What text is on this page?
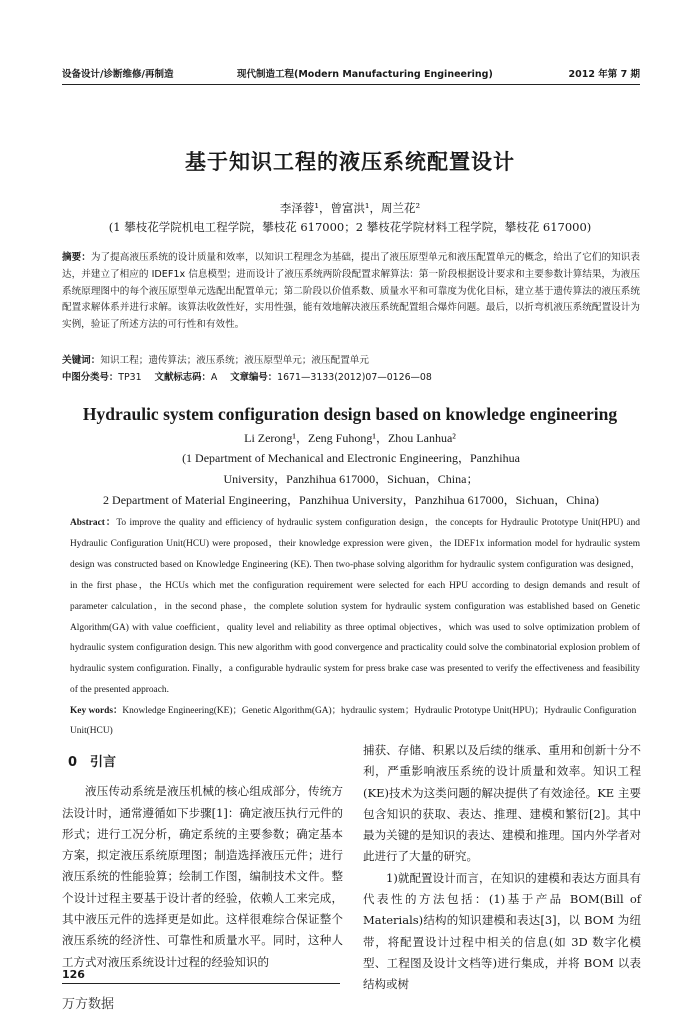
设备设计/诊断维修/再制造	现代制造工程(Modern Manufacturing Engineering)	2012 年第 7 期
基于知识工程的液压系统配置设计
李泽蓉¹，曾富洪¹，周兰花²
(1 攀枝花学院机电工程学院，攀枝花 617000；2 攀枝花学院材料工程学院，攀枝花 617000)
摘要：为了提高液压系统的设计质量和效率，以知识工程理念为基础，提出了液压原型单元和液压配置单元的概念，给出了它们的知识表达，并建立了相应的 IDEF1x 信息模型；进而设计了液压系统两阶段配置求解算法：第一阶段根据设计要求和主要参数计算结果，为液压系统原理图中的每个液压原型单元选配出配置单元；第二阶段以价值系数、质量水平和可靠度为优化目标，建立基于遗传算法的液压系统配置求解体系并进行求解。该算法收敛性好，实用性强，能有效地解决液压系统配置组合爆炸问题。最后，以折弯机液压系统配置设计为实例，验证了所述方法的可行性和有效性。
关键词：知识工程；遗传算法；液压系统；液压原型单元；液压配置单元
中图分类号：TP31 文献标志码：A 文章编号：1671—3133(2012)07—0126—08
Hydraulic system configuration design based on knowledge engineering
Li Zerong¹，Zeng Fuhong¹，Zhou Lanhua²
(1 Department of Mechanical and Electronic Engineering，Panzhihua
University，Panzhihua 617000，Sichuan，China；
2 Department of Material Engineering，Panzhihua University，Panzhihua 617000，Sichuan，China)
Abstract：To improve the quality and efficiency of hydraulic system configuration design，the concepts for Hydraulic Prototype Unit(HPU) and Hydraulic Configuration Unit(HCU) were proposed，their knowledge expression were given，the IDEF1x information model for hydraulic system design was constructed based on Knowledge Engineering (KE). Then two-phase solving algorithm for hydraulic system configuration was designed，in the first phase，the HCUs which met the configuration requirement were selected for each HPU according to design demands and result of parameter calculation，in the second phase，the complete solution system for hydraulic system configuration was established based on Genetic Algorithm(GA) with value coefficient，quality level and reliability as three optimal objectives，which was used to solve optimization problem of hydraulic system configuration design. This new algorithm with good convergence and practicality could solve the combinatorial explosion problem of hydraulic system configuration. Finally，a configurable hydraulic system for press brake case was presented to verify the effectiveness and feasibility of the presented approach.
Key words：Knowledge Engineering(KE)；Genetic Algorithm(GA)；hydraulic system；Hydraulic Prototype Unit(HPU)；Hydraulic Configuration Unit(HCU)
0　引言

液压传动系统是液压机械的核心组成部分，传统方法设计时，通常遵循如下步骤[1]：确定液压执行元件的形式；进行工况分析，确定系统的主要参数；确定基本方案，拟定液压系统原理图；制造选择液压元件；进行液压系统的性能验算；绘制工作图，编制技术文件。整个设计过程主要基于设计者的经验，依赖人工来完成，其中液压元件的选择更是如此。这样很难综合保证整个液压系统的经济性、可靠性和质量水平。同时，这种人工方式对液压系统设计过程的经验知识的

捕获、存储、积累以及后续的继承、重用和创新十分不利，严重影响液压系统的设计质量和效率。知识工程(KE)技术为这类问题的解决提供了有效途径。KE 主要包含知识的获取、表达、推理、建模和繁衍[2]。其中最为关键的是知识的表达、建模和推理。国内外学者对此进行了大量的研究。

1)就配置设计而言，在知识的建模和表达方面具有代表性的方法包括：(1)基于产品 BOM(Bill of Materials)结构的知识建模和表达[3]，以 BOM 为纽带，将配置设计过程中相关的信息(如 3D 数字化模型、工程图及设计文档等)进行集成，并将 BOM 以表结构或树

126
万方数据
